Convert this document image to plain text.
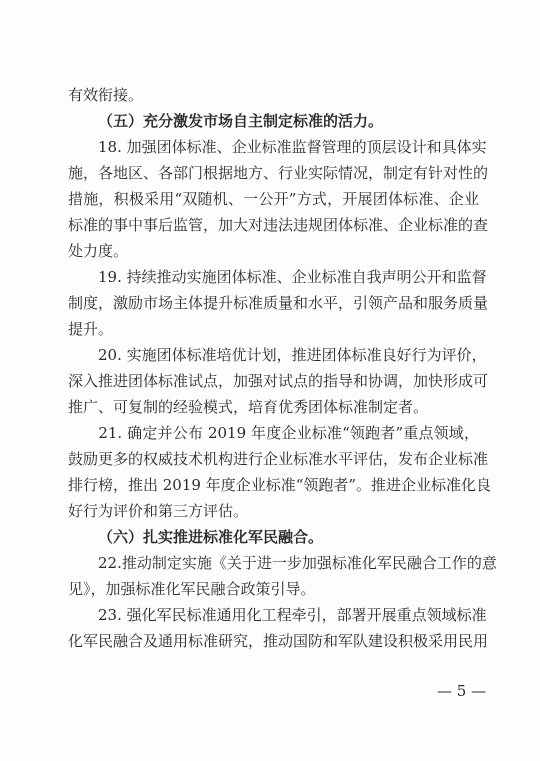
有效衔接。
（五）充分激发市场自主制定标准的活力。
　　18. 加强团体标准、企业标准监督管理的顶层设计和具体实
施，各地区、各部门根据地方、行业实际情况，制定有针对性的
措施，积极采用“双随机、一公开”方式，开展团体标准、企业
标准的事中事后监管，加大对违法违规团体标准、企业标准的查
处力度。
　　19. 持续推动实施团体标准、企业标准自我声明公开和监督
制度，激励市场主体提升标准质量和水平，引领产品和服务质量
提升。
　　20. 实施团体标准培优计划，推进团体标准良好行为评价，
深入推进团体标准试点，加强对试点的指导和协调，加快形成可
推广、可复制的经验模式，培育优秀团体标准制定者。
　　21. 确定并公布 2019 年度企业标准“领跑者”重点领域，
鼓励更多的权威技术机构进行企业标准水平评估，发布企业标准
排行榜，推出 2019 年度企业标准“领跑者”。推进企业标准化良
好行为评价和第三方评估。
（六）扎实推进标准化军民融合。
　　22.推动制定实施《关于进一步加强标准化军民融合工作的意
见》，加强标准化军民融合政策引导。
　　23. 强化军民标准通用化工程牵引，部署开展重点领域标准
化军民融合及通用标准研究，推动国防和军队建设积极采用民用
— 5 —
